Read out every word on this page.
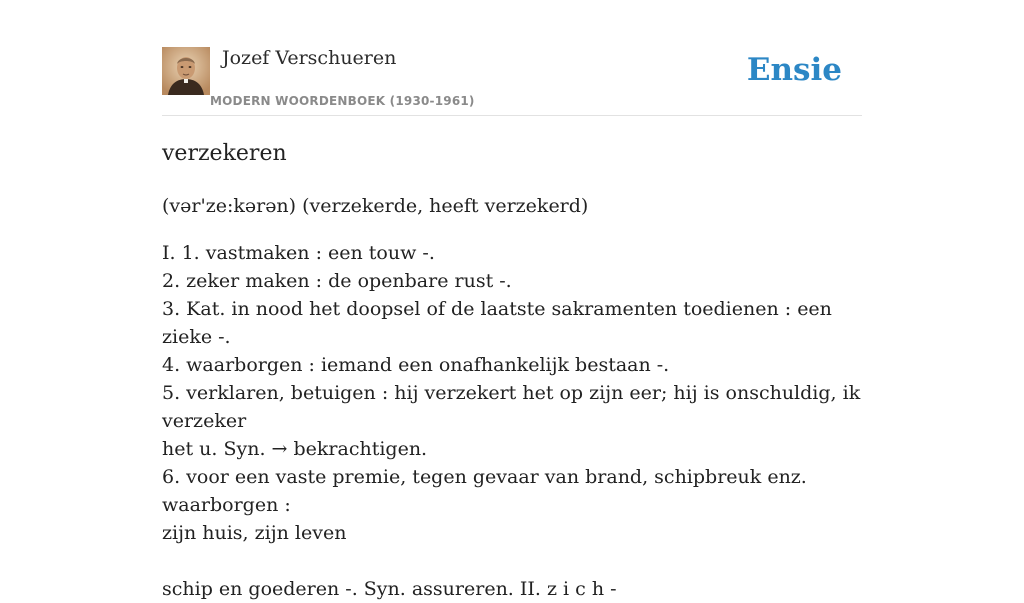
Jozef Verschueren
MODERN WOORDENBOEK (1930-1961)
Ensie
verzekeren
(vər'ze:kərən) (verzekerde, heeft verzekerd)
I. 1. vastmaken : een touw -.
2. zeker maken : de openbare rust -.
3. Kat. in nood het doopsel of de laatste sakramenten toedienen : een zieke -.
4. waarborgen : iemand een onafhankelijk bestaan -.
5. verklaren, betuigen : hij verzekert het op zijn eer; hij is onschuldig, ik verzeker
het u. Syn. → bekrachtigen.
6. voor een vaste premie, tegen gevaar van brand, schipbreuk enz. waarborgen :
zijn huis, zijn leven
schip en goederen -. Syn. assureren. II. z i c h -
